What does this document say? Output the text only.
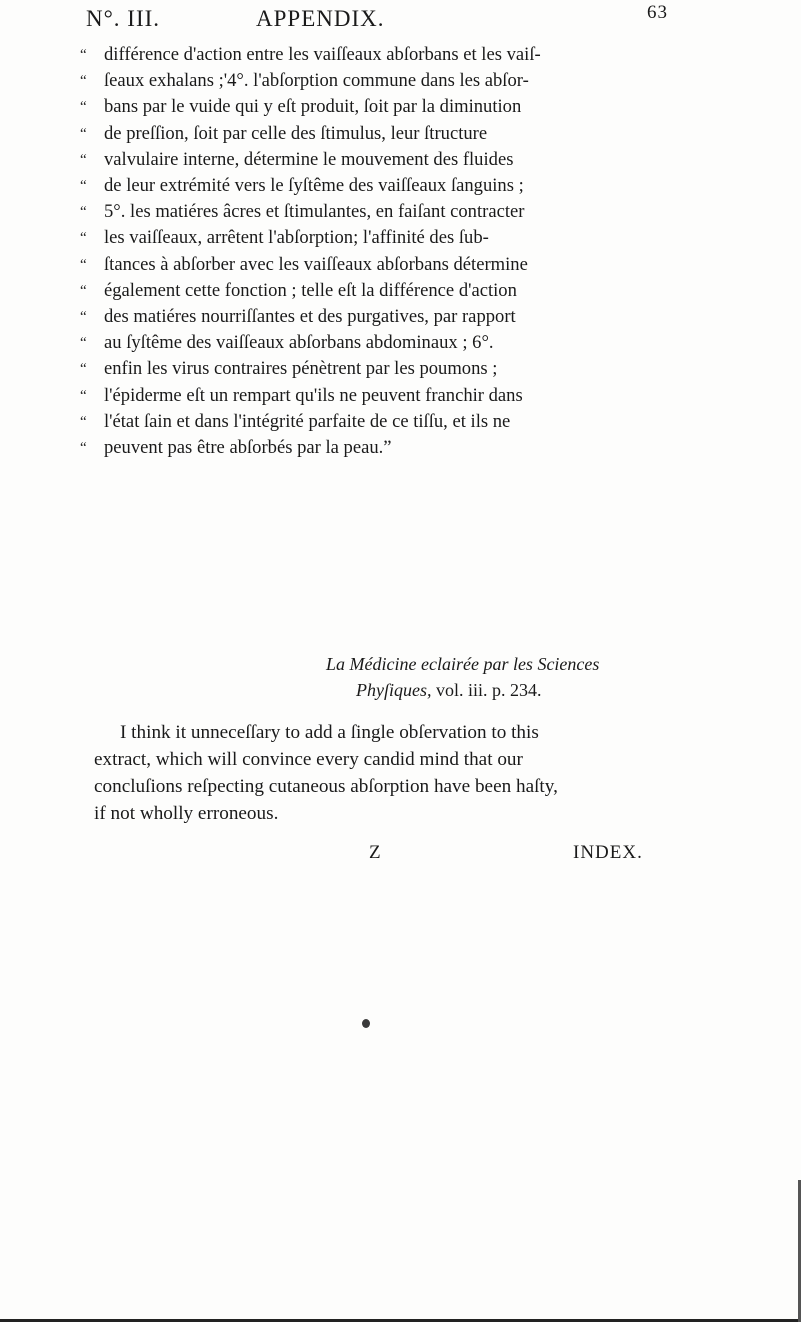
N°. III.	APPENDIX.	63
“ différence d'action entre les vaiſſeaux abſorbans et les vaiſ-
“ ſeaux exhalans ;'4°. l'abſorption commune dans les abſor-
“ bans par le vuide qui y eſt produit, ſoit par la diminution
“ de preſſion, ſoit par celle des ſtimulus, leur ſtructure
“ valvulaire interne, détermine le mouvement des fluides
“ de leur extrémité vers le ſyſtême des vaiſſeaux ſanguins ;
“ 5°. les matiéres âcres et ſtimulantes, en faiſant contracter
“ les vaiſſeaux, arrêtent l'abſorption; l'affinité des ſub-
“ ſtances à abſorber avec les vaiſſeaux abſorbans détermine
“ également cette fonction ; telle eſt la différence d'action
“ des matiéres nourriſſantes et des purgatives, par rapport
“ au ſyſtême des vaiſſeaux abſorbans abdominaux ; 6°.
“ enfin les virus contraires pénètrent par les poumons ;
“ l'épiderme eſt un rempart qu'ils ne peuvent franchir dans
“ l'état ſain et dans l'intégrité parfaite de ce tiſſu, et ils ne
“ peuvent pas être abſorbés par la peau.”
La Médicine eclairée par les Sciences
Phyſiques, vol. iii. p. 234.
I think it unneceſſary to add a ſingle obſervation to this
extract, which will convince every candid mind that our
concluſions reſpecting cutaneous abſorption have been haſty,
if not wholly erroneous.
Z	INDEX.
